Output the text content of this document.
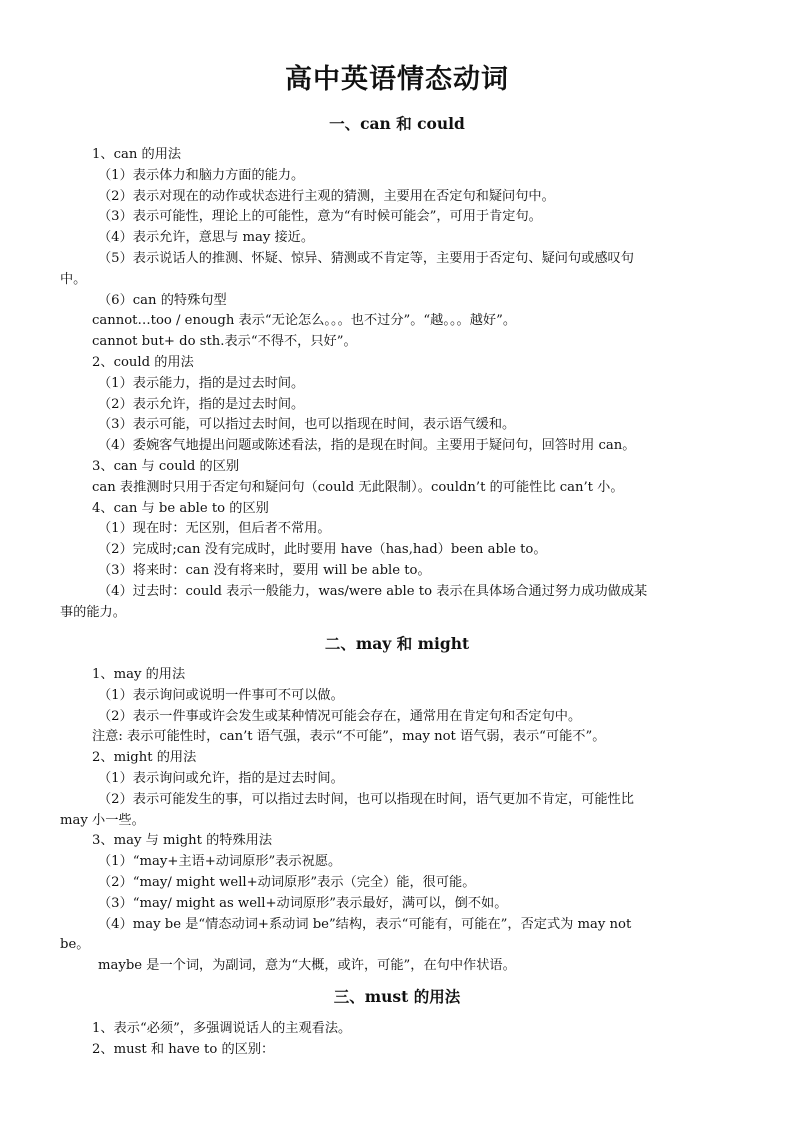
高中英语情态动词
一、can 和 could
1、can 的用法
（1）表示体力和脑力方面的能力。
（2）表示对现在的动作或状态进行主观的猜测，主要用在否定句和疑问句中。
（3）表示可能性，理论上的可能性，意为“有时候可能会”，可用于肯定句。
（4）表示允许，意思与 may 接近。
（5）表示说话人的推测、怀疑、惊异、猜测或不肯定等，主要用于否定句、疑问句或感叹句
中。
（6）can 的特殊句型
cannot…too / enough 表示“无论怎么。。。也不过分”。“越。。。越好”。
cannot but+ do sth.表示“不得不，只好”。
2、could 的用法
（1）表示能力，指的是过去时间。
（2）表示允许，指的是过去时间。
（3）表示可能，可以指过去时间，也可以指现在时间，表示语气缓和。
（4）委婉客气地提出问题或陈述看法，指的是现在时间。主要用于疑问句，回答时用 can。
3、can 与 could 的区别
can 表推测时只用于否定句和疑问句（could 无此限制）。couldn’t 的可能性比 can’t 小。
4、can 与 be able to 的区别
（1）现在时：无区别，但后者不常用。
（2）完成时;can 没有完成时，此时要用 have（has,had）been able to。
（3）将来时：can 没有将来时，要用 will be able to。
（4）过去时：could 表示一般能力，was/were able to 表示在具体场合通过努力成功做成某
事的能力。
二、may 和 might
1、may 的用法
（1）表示询问或说明一件事可不可以做。
（2）表示一件事或许会发生或某种情况可能会存在，通常用在肯定句和否定句中。
注意: 表示可能性时，can’t 语气强，表示“不可能”，may not 语气弱，表示“可能不”。
2、might 的用法
（1）表示询问或允许，指的是过去时间。
（2）表示可能发生的事，可以指过去时间，也可以指现在时间，语气更加不肯定，可能性比
may 小一些。
3、may 与 might 的特殊用法
（1）“may+主语+动词原形”表示祝愿。
（2）“may/ might well+动词原形”表示（完全）能，很可能。
（3）“may/ might as well+动词原形”表示最好，满可以，倒不如。
（4）may be 是“情态动词+系动词 be”结构，表示“可能有，可能在”，否定式为 may not
be。
maybe 是一个词，为副词，意为“大概，或许，可能”，在句中作状语。
三、must 的用法
1、表示“必须”，多强调说话人的主观看法。
2、must 和 have to 的区别：
